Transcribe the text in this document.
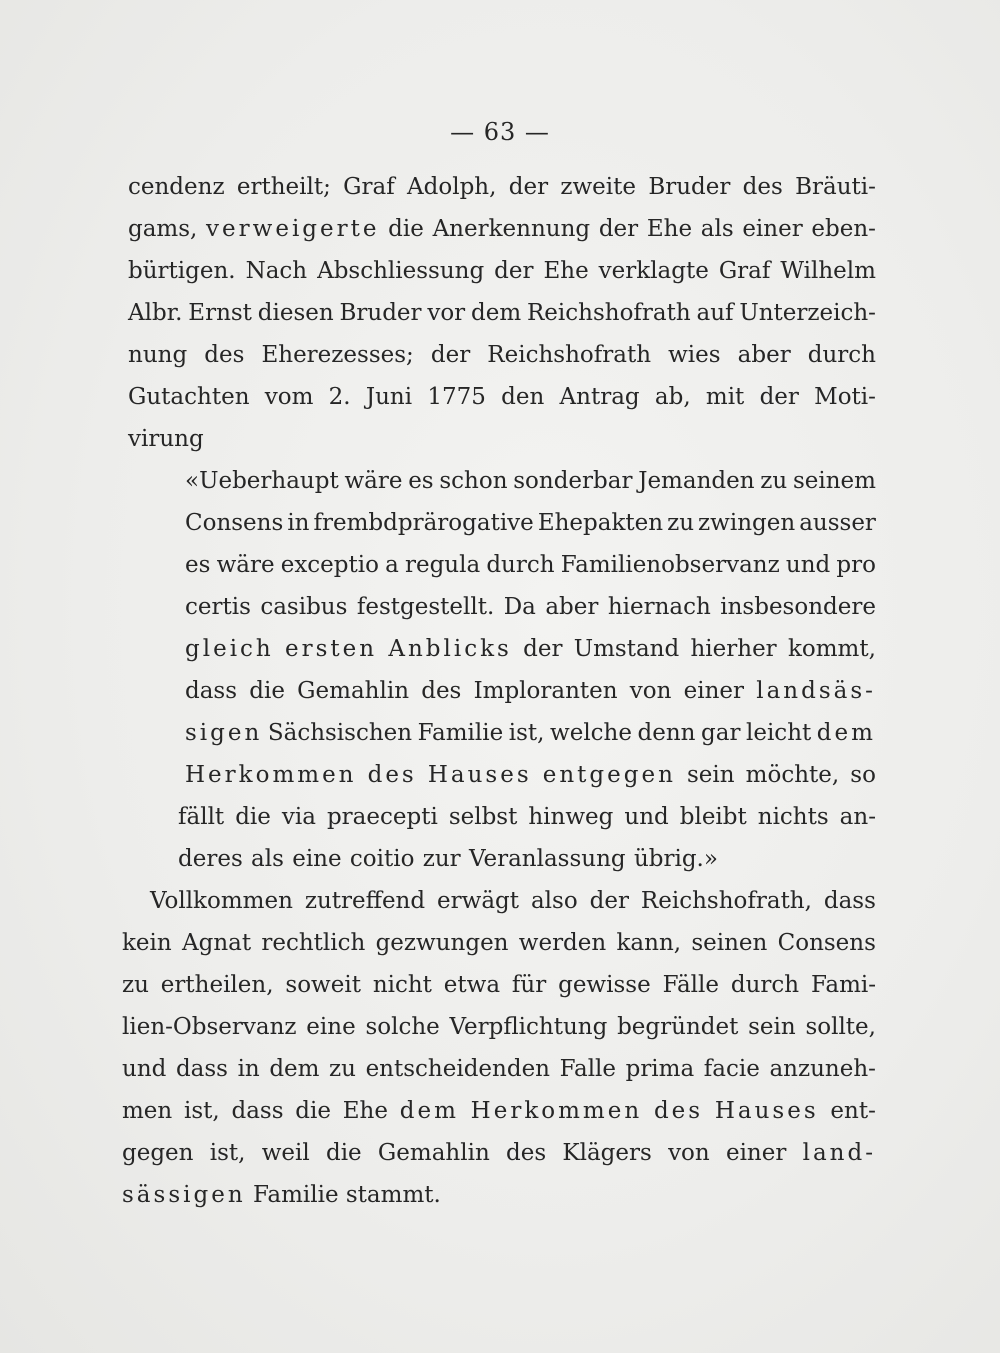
— 63 —
cendenz ertheilt; Graf Adolph, der zweite Bruder des Bräuti-
gams, verweigerte die Anerkennung der Ehe als einer eben-
bürtigen. Nach Abschliessung der Ehe verklagte Graf Wilhelm
Albr. Ernst diesen Bruder vor dem Reichshofrath auf Unterzeich-
nung des Eherezesses; der Reichshofrath wies aber durch
Gutachten vom 2. Juni 1775 den Antrag ab, mit der Moti-
virung
«Ueberhaupt wäre es schon sonderbar Jemanden zu seinem
Consens in frembdprärogative Ehepakten zu zwingen ausser
es wäre exceptio a regula durch Familienobservanz und pro
certis casibus festgestellt. Da aber hiernach insbesondere
gleich ersten Anblicks der Umstand hierher kommt,
dass die Gemahlin des Imploranten von einer landsäs-
sigen Sächsischen Familie ist, welche denn gar leicht dem
Herkommen des Hauses entgegen sein möchte, so
fällt die via praecepti selbst hinweg und bleibt nichts an-
deres als eine coitio zur Veranlassung übrig.»
Vollkommen zutreffend erwägt also der Reichshofrath, dass
kein Agnat rechtlich gezwungen werden kann, seinen Consens
zu ertheilen, soweit nicht etwa für gewisse Fälle durch Fami-
lien-Observanz eine solche Verpflichtung begründet sein sollte,
und dass in dem zu entscheidenden Falle prima facie anzuneh-
men ist, dass die Ehe dem Herkommen des Hauses ent-
gegen ist, weil die Gemahlin des Klägers von einer land-
sässigen Familie stammt.
